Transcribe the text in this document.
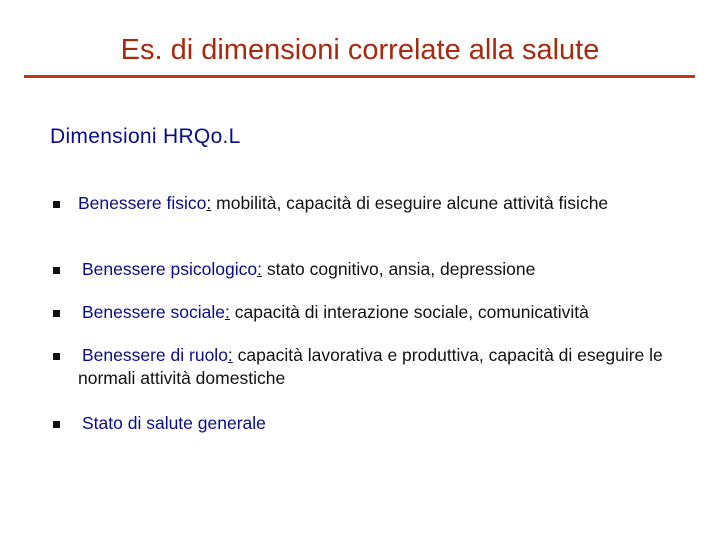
Es. di dimensioni correlate alla salute
Dimensioni HRQo.L
Benessere fisico: mobilità, capacità di eseguire alcune attività fisiche
Benessere psicologico: stato cognitivo, ansia, depressione
Benessere sociale: capacità di interazione sociale, comunicatività
Benessere di ruolo: capacità lavorativa e produttiva, capacità di eseguire le normali attività domestiche
Stato di salute generale
